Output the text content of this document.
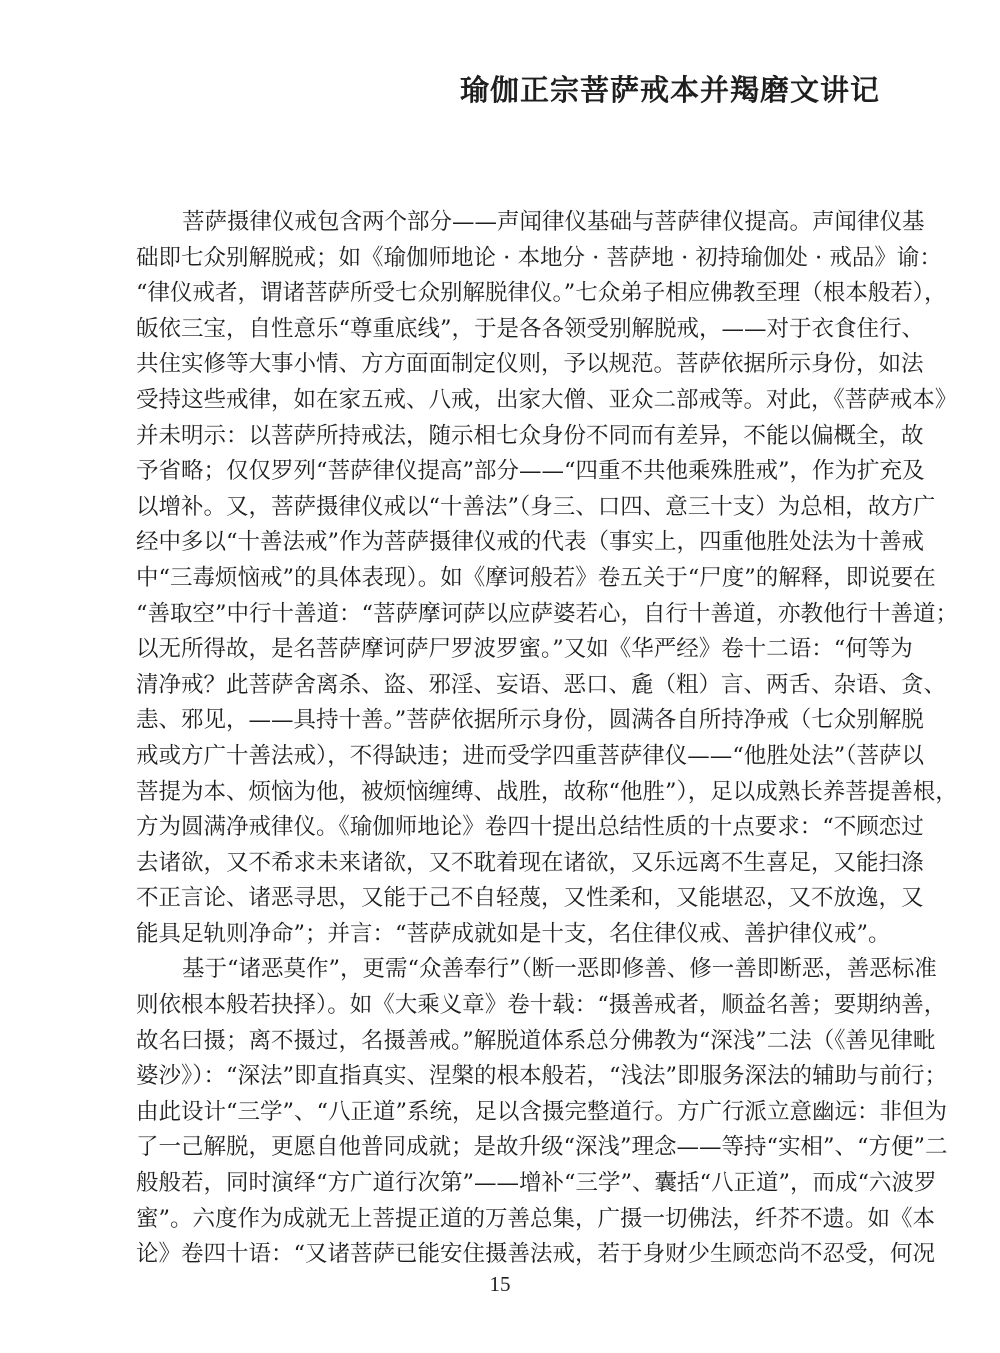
瑜伽正宗菩萨戒本并羯磨文讲记
菩萨摄律仪戒包含两个部分——声闻律仪基础与菩萨律仪提高。声闻律仪基
础即七众别解脱戒；如《瑜伽师地论 · 本地分 · 菩萨地 · 初持瑜伽处 · 戒品》谕：
“律仪戒者，谓诸菩萨所受七众别解脱律仪。”七众弟子相应佛教至理（根本般若），
皈依三宝，自性意乐“尊重底线”，于是各各领受别解脱戒，——对于衣食住行、
共住实修等大事小情、方方面面制定仪则，予以规范。菩萨依据所示身份，如法
受持这些戒律，如在家五戒、八戒，出家大僧、亚众二部戒等。对此，《菩萨戒本》
并未明示：以菩萨所持戒法，随示相七众身份不同而有差异，不能以偏概全，故
予省略；仅仅罗列“菩萨律仪提高”部分——“四重不共他乘殊胜戒”，作为扩充及
以增补。又，菩萨摄律仪戒以“十善法”（身三、口四、意三十支）为总相，故方广
经中多以“十善法戒”作为菩萨摄律仪戒的代表（事实上，四重他胜处法为十善戒
中“三毒烦恼戒”的具体表现）。如《摩诃般若》卷五关于“尸度”的解释，即说要在
“善取空”中行十善道：“菩萨摩诃萨以应萨婆若心，自行十善道，亦教他行十善道；
以无所得故，是名菩萨摩诃萨尸罗波罗蜜。”又如《华严经》卷十二语：“何等为
清净戒？此菩萨舍离杀、盗、邪淫、妄语、恶口、麁（粗）言、两舌、杂语、贪、
恚、邪见，——具持十善。”菩萨依据所示身份，圆满各自所持净戒（七众别解脱
戒或方广十善法戒），不得缺违；进而受学四重菩萨律仪——“他胜处法”（菩萨以
菩提为本、烦恼为他，被烦恼缠缚、战胜，故称“他胜”），足以成熟长养菩提善根，
方为圆满净戒律仪。《瑜伽师地论》卷四十提出总结性质的十点要求：“不顾恋过
去诸欲，又不希求未来诸欲，又不耽着现在诸欲，又乐远离不生喜足，又能扫涤
不正言论、诸恶寻思，又能于己不自轻蔑，又性柔和，又能堪忍，又不放逸，又
能具足轨则净命”；并言：“菩萨成就如是十支，名住律仪戒、善护律仪戒”。
基于“诸恶莫作”，更需“众善奉行”（断一恶即修善、修一善即断恶，善恶标准
则依根本般若抉择）。如《大乘义章》卷十载：“摄善戒者，顺益名善；要期纳善，
故名曰摄；离不摄过，名摄善戒。”解脱道体系总分佛教为“深浅”二法（《善见律毗
婆沙》）：“深法”即直指真实、涅槃的根本般若，“浅法”即服务深法的辅助与前行；
由此设计“三学”、“八正道”系统，足以含摄完整道行。方广行派立意幽远：非但为
了一己解脱，更愿自他普同成就；是故升级“深浅”理念——等持“实相”、“方便”二
般般若，同时演绎“方广道行次第”——增补“三学”、囊括“八正道”，而成“六波罗
蜜”。六度作为成就无上菩提正道的万善总集，广摄一切佛法，纤芥不遗。如《本
论》卷四十语：“又诸菩萨已能安住摄善法戒，若于身财少生顾恋尚不忍受，何况
15
